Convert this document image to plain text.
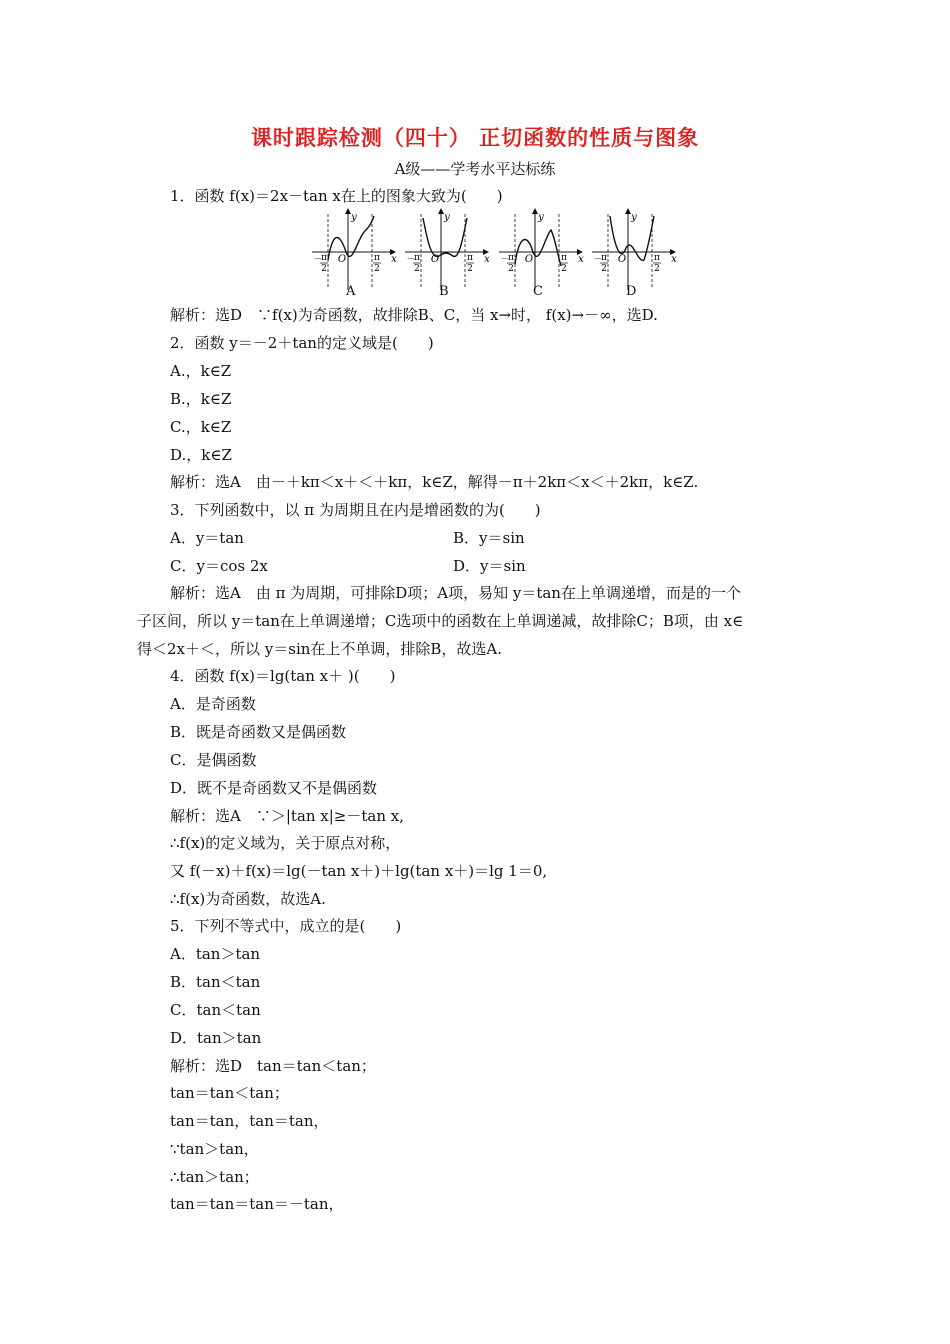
课时跟踪检测（四十） 正切函数的性质与图象
A级——学考水平达标练
1．函数 f(x)＝2x－tan x在上的图象大致为(　　)
y
x
O
－
π
2
π
2
y
x
O
－
π
2
π
2
y
x
O
－
π
2
π
2
y
x
O
－
π
2
π
2
A	B	C	D
解析：选D　∵f(x)为奇函数，故排除B、C，当 x→时， f(x)→－∞，选D.
2．函数 y＝－2＋tan的定义域是(　　)
A.，k∈Z
B.，k∈Z
C.，k∈Z
D.，k∈Z
解析：选A　由－＋kπ＜x＋＜＋kπ，k∈Z，解得－π＋2kπ＜x＜＋2kπ，k∈Z.
3．下列函数中，以 π 为周期且在内是增函数的为(　　)
A．y＝tan	B．y＝sin
C．y＝cos 2x	D．y＝sin
解析：选A　由 π 为周期，可排除D项；A项，易知 y＝tan在上单调递增，而是的一个
子区间，所以 y＝tan在上单调递增；C选项中的函数在上单调递减，故排除C；B项，由 x∈
得＜2x＋＜，所以 y＝sin在上不单调，排除B，故选A.
4．函数 f(x)＝lg(tan x＋ )(　　)
A．是奇函数
B．既是奇函数又是偶函数
C．是偶函数
D．既不是奇函数又不是偶函数
解析：选A　∵＞|tan x|≥－tan x,
∴f(x)的定义域为，关于原点对称，
又 f(－x)＋f(x)＝lg(－tan x＋)＋lg(tan x＋)＝lg 1＝0,
∴f(x)为奇函数，故选A.
5．下列不等式中，成立的是(　　)
A．tan＞tan
B．tan＜tan
C．tan＜tan
D．tan＞tan
解析：选D　tan＝tan＜tan；
tan＝tan＜tan；
tan＝tan，tan＝tan，
∵tan＞tan，
∴tan＞tan；
tan＝tan＝tan＝－tan，
